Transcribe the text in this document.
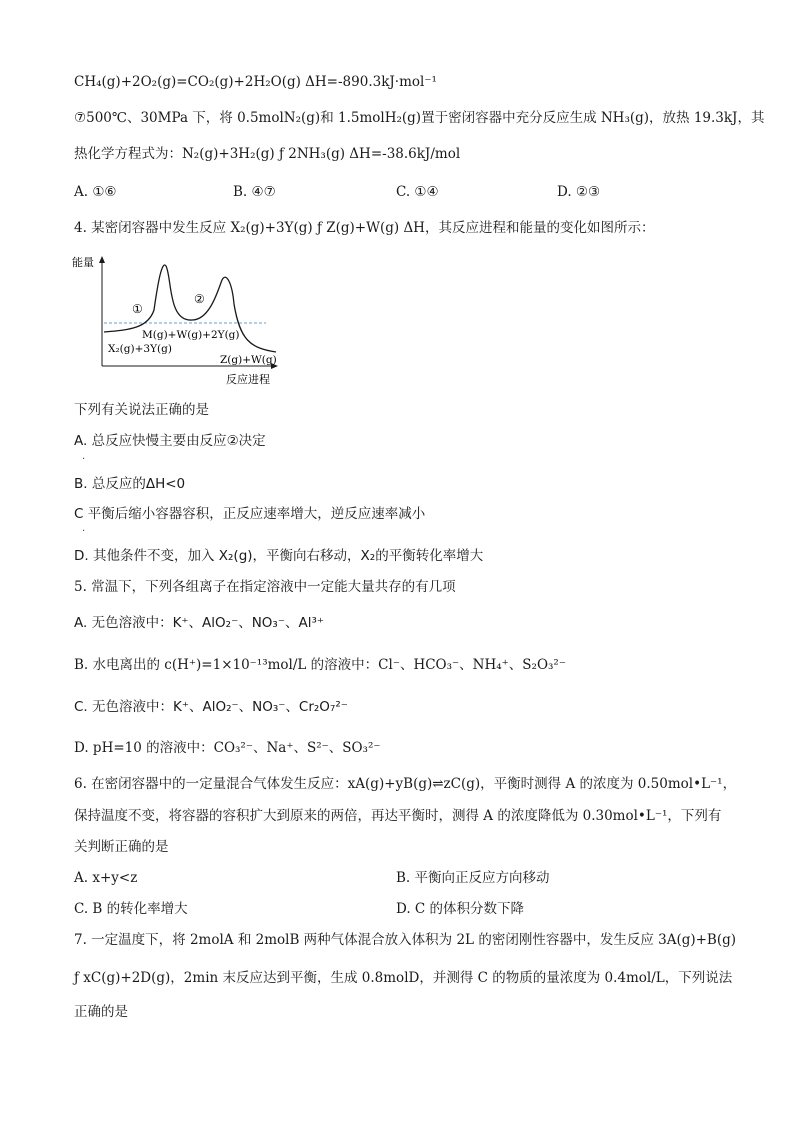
CH₄(g)+2O₂(g)=CO₂(g)+2H₂O(g) ΔH=-890.3kJ·mol⁻¹
⑦500℃、30MPa 下，将 0.5molN₂(g)和 1.5molH₂(g)置于密闭容器中充分反应生成 NH₃(g)，放热 19.3kJ，其
热化学方程式为：N₂(g)+3H₂(g) ƒ 2NH₃(g) ΔH=-38.6kJ/mol
A. ①⑥	B. ④⑦	C. ①④	D. ②③
4. 某密闭容器中发生反应 X₂(g)+3Y(g) ƒ Z(g)+W(g) ΔH，其反应进程和能量的变化如图所示：
能量
反应进程
①
②
M(g)+W(g)+2Y(g)
X₂(g)+3Y(g)
Z(g)+W(g)
下列有关说法正确的是
A. 总反应快慢主要由反应②决定
.
B. 总反应的ΔH<0
C 平衡后缩小容器容积，正反应速率增大，逆反应速率减小
.
D. 其他条件不变，加入 X₂(g)，平衡向右移动，X₂的平衡转化率增大
5. 常温下，下列各组离子在指定溶液中一定能大量共存的有几项
A. 无色溶液中：K⁺、AlO₂⁻、NO₃⁻、Al³⁺
B. 水电离出的 c(H⁺)=1×10⁻¹³mol/L 的溶液中：Cl⁻、HCO₃⁻、NH₄⁺、S₂O₃²⁻
C. 无色溶液中：K⁺、AlO₂⁻、NO₃⁻、Cr₂O₇²⁻
D. pH=10 的溶液中：CO₃²⁻、Na⁺、S²⁻、SO₃²⁻
6. 在密闭容器中的一定量混合气体发生反应：xA(g)+yB(g)⇌zC(g)，平衡时测得 A 的浓度为 0.50mol•L⁻¹，
保持温度不变，将容器的容积扩大到原来的两倍，再达平衡时，测得 A 的浓度降低为 0.30mol•L⁻¹，下列有
关判断正确的是
A. x+y<z	B. 平衡向正反应方向移动
C. B 的转化率增大	D. C 的体积分数下降
7. 一定温度下，将 2molA 和 2molB 两种气体混合放入体积为 2L 的密闭刚性容器中，发生反应 3A(g)+B(g)
ƒ xC(g)+2D(g)，2min 末反应达到平衡，生成 0.8molD，并测得 C 的物质的量浓度为 0.4mol/L，下列说法
正确的是
